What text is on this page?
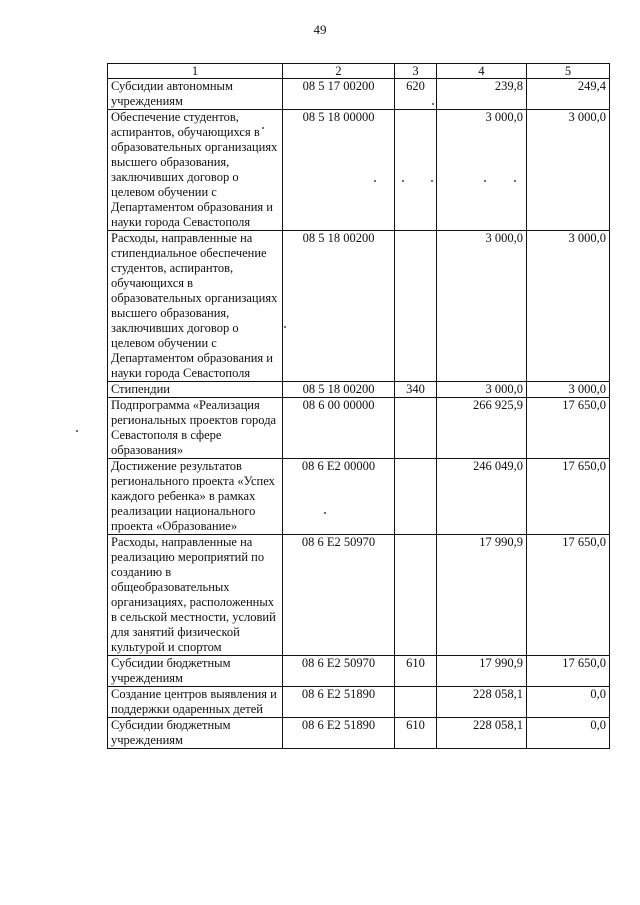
49
1	2	3	4	5
Субсидии автономным учреждениям	08 5 17 00200	620	239,8	249,4
Обеспечение студентов, аспирантов, обучающихся в образовательных организациях высшего образования, заключивших договор о целевом обучении с Департаментом образования и науки города Севастополя	08 5 18 00000		3 000,0	3 000,0
Расходы, направленные на стипендиальное обеспечение студентов, аспирантов, обучающихся в образовательных организациях высшего образования, заключивших договор о целевом обучении с Департаментом образования и науки города Севастополя	08 5 18 00200		3 000,0	3 000,0
Стипендии	08 5 18 00200	340	3 000,0	3 000,0
Подпрограмма «Реализация региональных проектов города Севастополя в сфере образования»	08 6 00 00000		266 925,9	17 650,0
Достижение результатов регионального проекта «Успех каждого ребенка» в рамках реализации национального проекта «Образование»	08 6 E2 00000		246 049,0	17 650,0
Расходы, направленные на реализацию мероприятий по созданию в общеобразовательных организациях, расположенных в сельской местности, условий для занятий физической культурой и спортом	08 6 E2 50970		17 990,9	17 650,0
Субсидии бюджетным учреждениям	08 6 E2 50970	610	17 990,9	17 650,0
Создание центров выявления и поддержки одаренных детей	08 6 E2 51890		228 058,1	0,0
Субсидии бюджетным учреждениям	08 6 E2 51890	610	228 058,1	0,0
